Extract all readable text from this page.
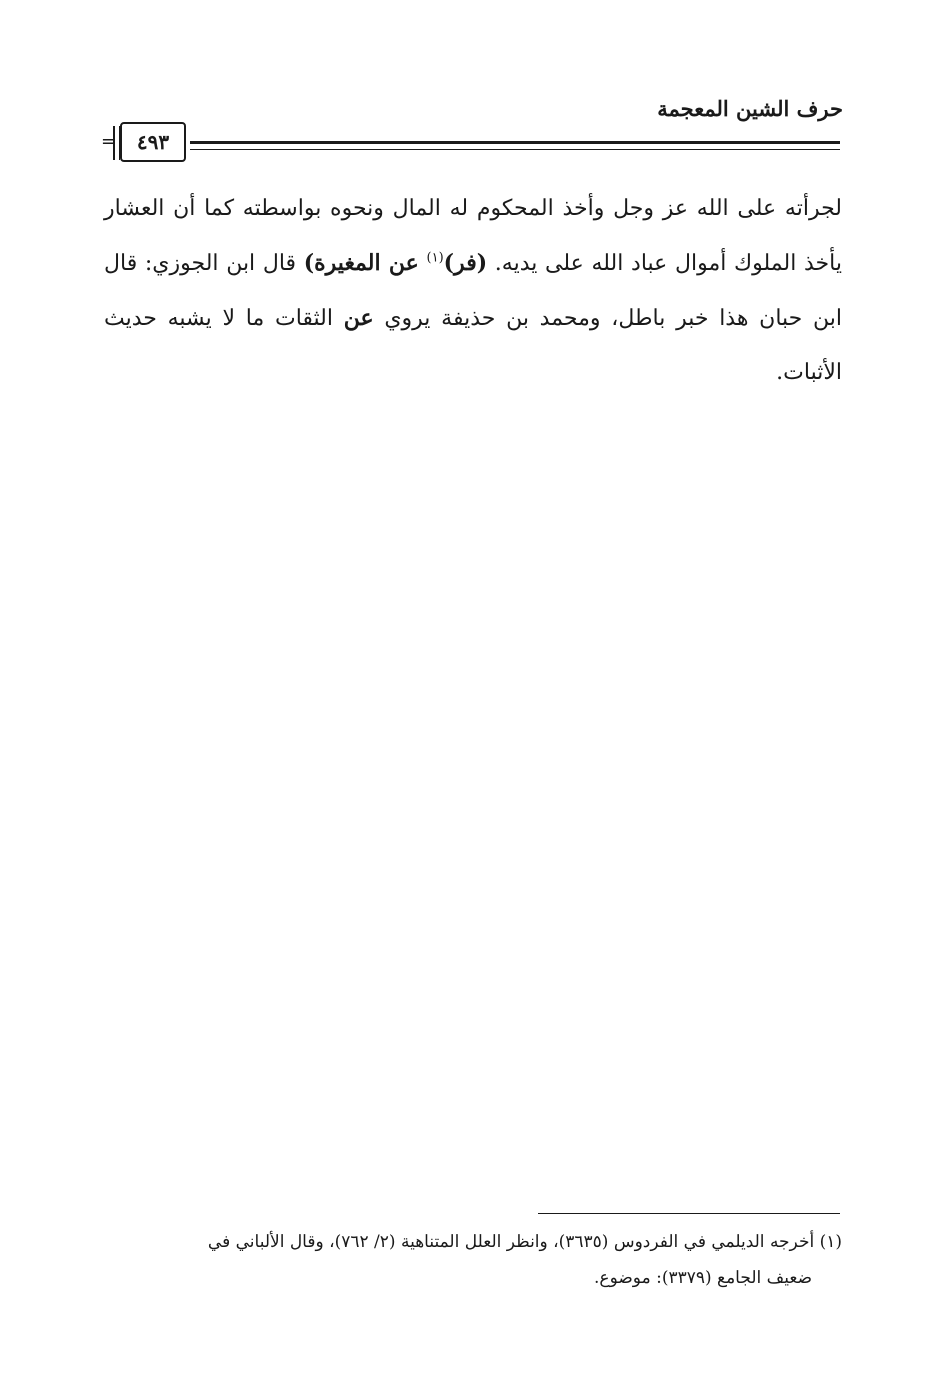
حرف الشين المعجمة
٤٩٣
=

لجرأته على الله عز وجل وأخذ المحكوم له المال ونحوه بواسطته كما أن العشار يأخذ الملوك أموال عباد الله على يديه. (فر)$^{(١)}$ عن المغيرة) قال ابن الجوزي: قال ابن حبان هذا خبر باطل، ومحمد بن حذيفة يروي عن الثقات ما لا يشبه حديث الأثبات.

(١) أخرجه الديلمي في الفردوس (٣٦٣٥)، وانظر العلل المتناهية (٢/ ٧٦٢)، وقال الألباني في

ضعيف الجامع (٣٣٧٩): موضوع.
